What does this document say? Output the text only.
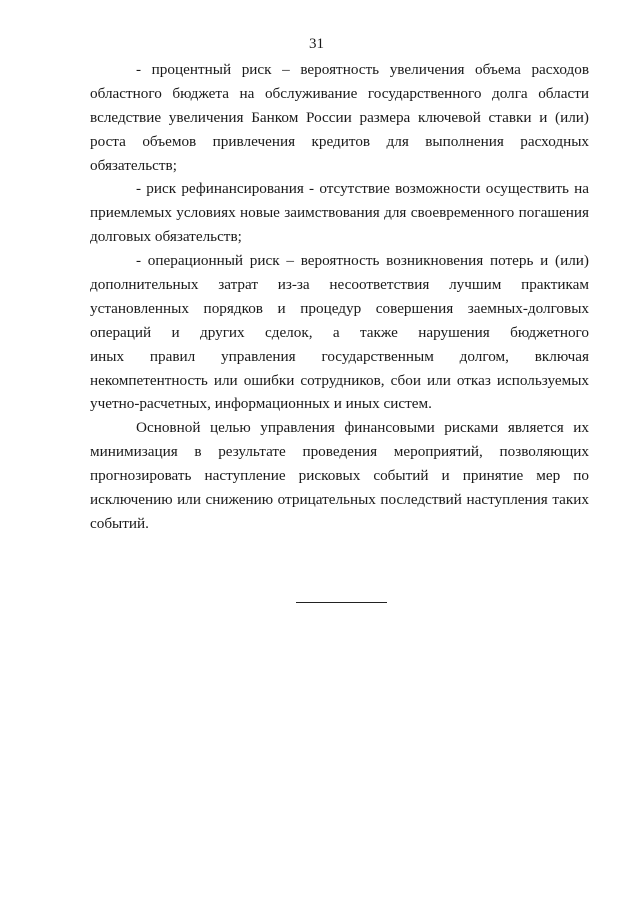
31
- процентный риск – вероятность увеличения объема расходов
областного бюджета на обслуживание государственного долга области
вследствие увеличения Банком России размера ключевой ставки и (или)
роста объемов привлечения кредитов для выполнения расходных
обязательств;
- риск рефинансирования - отсутствие возможности осуществить на
приемлемых условиях новые заимствования для своевременного погашения
долговых обязательств;
- операционный риск – вероятность возникновения потерь и (или)
дополнительных затрат из-за несоответствия лучшим практикам
установленных порядков и процедур совершения заемных-долговых
операций и других сделок, а также нарушения бюджетного
иных правил управления государственным долгом, включая
некомпетентность или ошибки сотрудников, сбои или отказ используемых
учетно-расчетных, информационных и иных систем.
Основной целью управления финансовыми рисками является их
минимизация в результате проведения мероприятий, позволяющих
прогнозировать наступление рисковых событий и принятие мер по
исключению или снижению отрицательных последствий наступления таких
событий.
